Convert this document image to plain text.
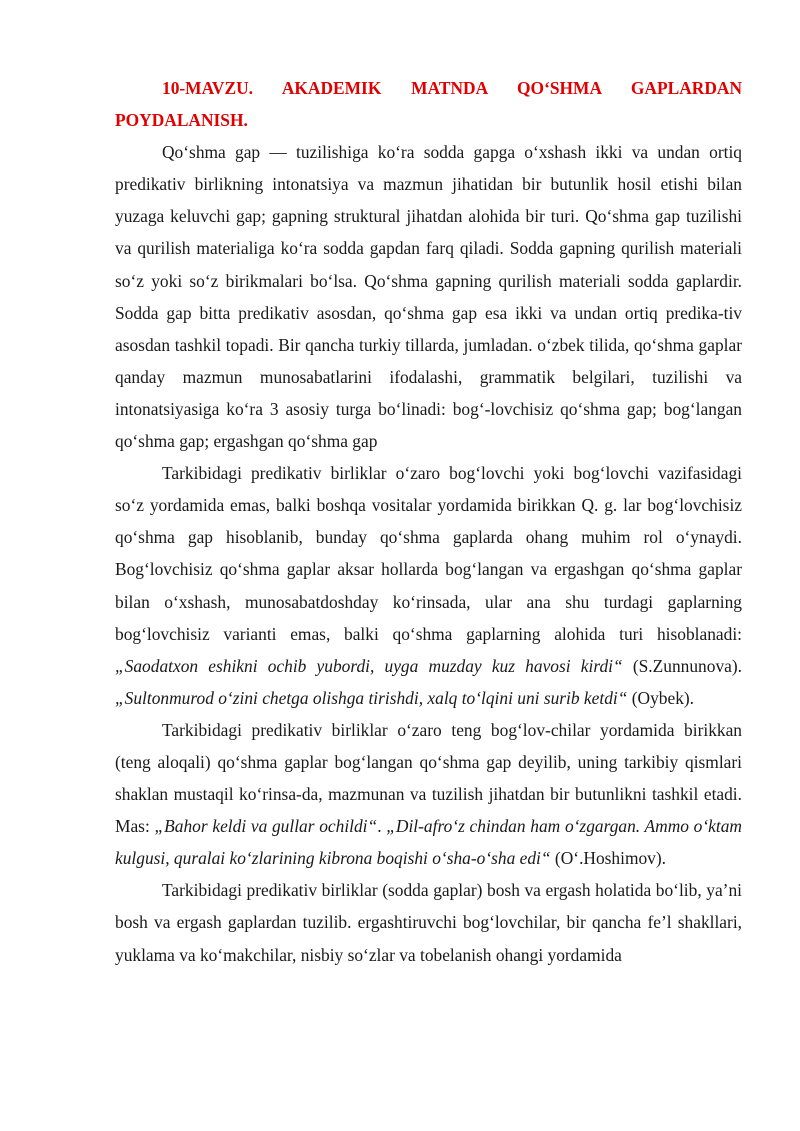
10-MAVZU. AKADEMIK MATNDA QO‘SHMA GAPLARDAN POYDALANISH.

Qo‘shma gap — tuzilishiga ko‘ra sodda gapga o‘xshash ikki va undan ortiq predikativ birlikning intonatsiya va mazmun jihatidan bir butunlik hosil etishi bilan yuzaga keluvchi gap; gapning struktural jihatdan alohida bir turi. Qo‘shma gap tuzilishi va qurilish materialiga ko‘ra sodda gapdan farq qiladi. Sodda gapning qurilish materiali so‘z yoki so‘z birikmalari bo‘lsa. Qo‘shma gapning qurilish materiali sodda gaplardir. Sodda gap bitta predikativ asosdan, qo‘shma gap esa ikki va undan ortiq predika-tiv asosdan tashkil topadi. Bir qancha turkiy tillarda, jumladan. o‘zbek tilida, qo‘shma gaplar qanday mazmun munosabatlarini ifodalashi, grammatik belgilari, tuzilishi va intonatsiyasiga ko‘ra 3 asosiy turga bo‘linadi: bog‘-lovchisiz qo‘shma gap; bog‘langan qo‘shma gap; ergashgan qo‘shma gap

Tarkibidagi predikativ birliklar o‘zaro bog‘lovchi yoki bog‘lovchi vazifasidagi so‘z yordamida emas, balki boshqa vositalar yordamida birikkan Q. g. lar bog‘lovchisiz qo‘shma gap hisoblanib, bunday qo‘shma gaplarda ohang muhim rol o‘ynaydi. Bog‘lovchisiz qo‘shma gaplar aksar hollarda bog‘langan va ergashgan qo‘shma gaplar bilan o‘xshash, munosabatdoshday ko‘rinsada, ular ana shu turdagi gaplarning bog‘lovchisiz varianti emas, balki qo‘shma gaplarning alohida turi hisoblanadi: „Saodatxon eshikni ochib yubordi, uyga muzday kuz havosi kirdi“ (S.Zunnunova). „Sultonmurod o‘zini chetga olishga tirishdi, xalq to‘lqini uni surib ketdi“ (Oybek).

Tarkibidagi predikativ birliklar o‘zaro teng bog‘lov-chilar yordamida birikkan (teng aloqali) qo‘shma gaplar bog‘langan qo‘shma gap deyilib, uning tarkibiy qismlari shaklan mustaqil ko‘rinsa-da, mazmunan va tuzilish jihatdan bir butunlikni tashkil etadi. Mas: „Bahor keldi va gullar ochildi“. „Dil-afro‘z chindan ham o‘zgargan. Ammo o‘ktam kulgusi, quralai ko‘zlarining kibrona boqishi o‘sha-o‘sha edi“ (O‘.Hoshimov).

Tarkibidagi predikativ birliklar (sodda gaplar) bosh va ergash holatida bo‘lib, ya’ni bosh va ergash gaplardan tuzilib. ergashtiruvchi bog‘lovchilar, bir qancha fe’l shakllari, yuklama va ko‘makchilar, nisbiy so‘zlar va tobelanish ohangi yordamida
